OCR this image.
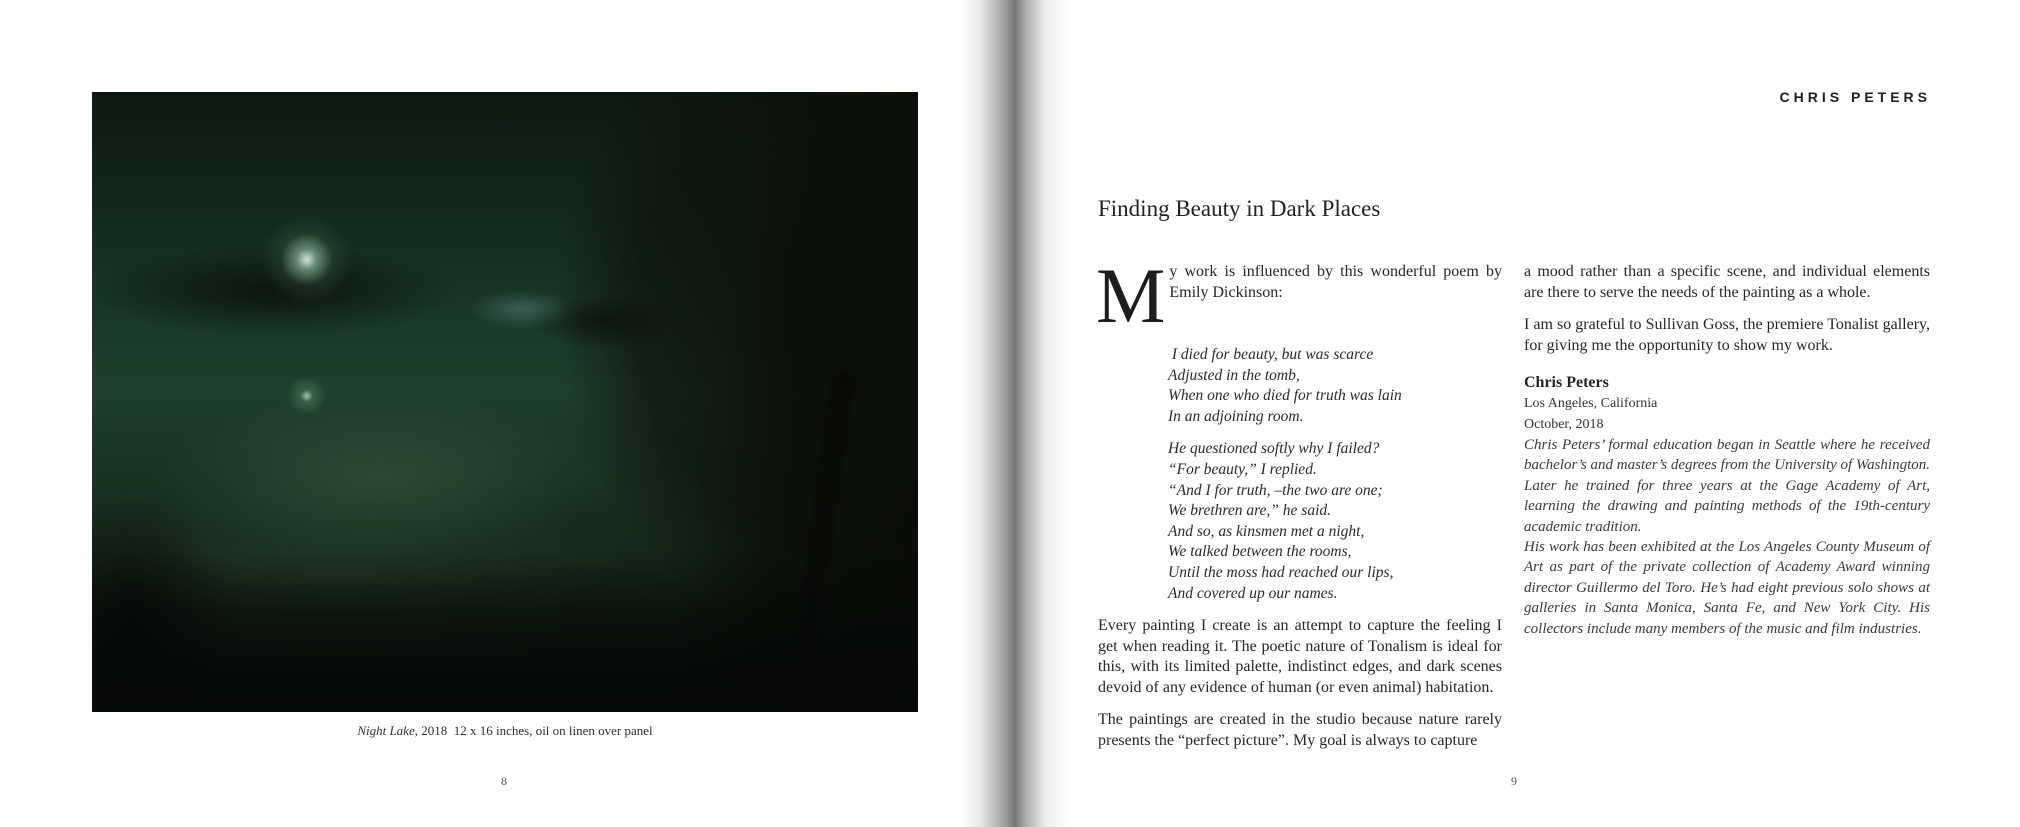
Night Lake, 2018  12 x 16 inches, oil on linen over panel
8
CHRIS PETERS
Finding Beauty in Dark Places

My work is influenced by this wonderful poem by Emily Dickinson:

I died for beauty, but was scarce
Adjusted in the tomb,
When one who died for truth was lain
In an adjoining room.
He questioned softly why I failed?
“For beauty,” I replied.
“And I for truth, –the two are one;
We brethren are,” he said.
And so, as kinsmen met a night,
We talked between the rooms,
Until the moss had reached our lips,
And covered up our names.

Every painting I create is an attempt to capture the feeling I get when reading it. The poetic nature of Tonalism is ideal for this, with its limited palette, indistinct edges, and dark scenes devoid of any evidence of human (or even animal) habitation.

The paintings are created in the studio because nature rarely presents the “perfect picture”. My goal is always to capture

a mood rather than a specific scene, and individual elements are there to serve the needs of the painting as a whole.

I am so grateful to Sullivan Goss, the premiere Tonalist gallery, for giving me the opportunity to show my work.

Chris Peters
Los Angeles, California
October, 2018

Chris Peters’ formal education began in Seattle where he received bachelor’s and master’s degrees from the University of Washington. Later he trained for three years at the Gage Academy of Art, learning the drawing and painting methods of the 19th-century academic tradition.

His work has been exhibited at the Los Angeles County Museum of Art as part of the private collection of Academy Award winning director Guillermo del Toro. He’s had eight previous solo shows at galleries in Santa Monica, Santa Fe, and New York City. His collectors include many members of the music and film industries.

9
